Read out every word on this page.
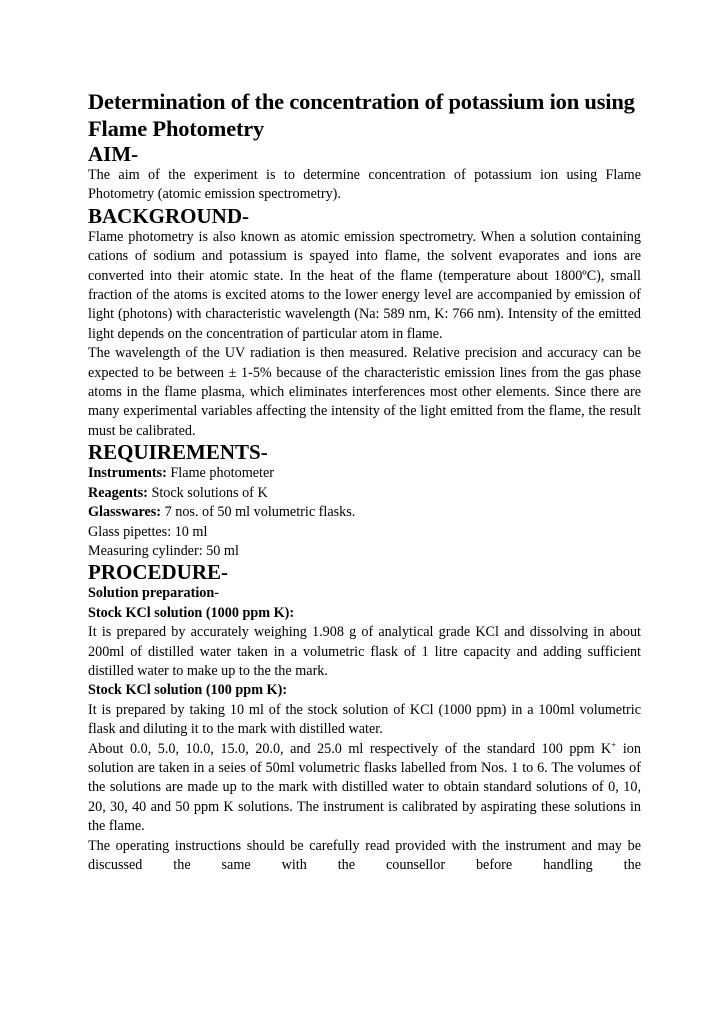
Determination of the concentration of potassium ion using Flame Photometry
AIM-

The aim of the experiment is to determine concentration of potassium ion using Flame Photometry (atomic emission spectrometry).

BACKGROUND-

Flame photometry is also known as atomic emission spectrometry. When a solution containing cations of sodium and potassium is spayed into flame, the solvent evaporates and ions are converted into their atomic state. In the heat of the flame (temperature about 1800ºC), small fraction of the atoms is excited atoms to the lower energy level are accompanied by emission of light (photons) with characteristic wavelength (Na: 589 nm, K: 766 nm). Intensity of the emitted light depends on the concentration of particular atom in flame.

The wavelength of the UV radiation is then measured. Relative precision and accuracy can be expected to be between ± 1-5% because of the characteristic emission lines from the gas phase atoms in the flame plasma, which eliminates interferences most other elements. Since there are many experimental variables affecting the intensity of the light emitted from the flame, the result must be calibrated.

REQUIREMENTS-
Instruments: Flame photometer
Reagents: Stock solutions of K
Glasswares: 7 nos. of 50 ml volumetric flasks.
Glass pipettes: 10 ml
Measuring cylinder: 50 ml
PROCEDURE-
Solution preparation-
Stock KCl solution (1000 ppm K):

It is prepared by accurately weighing 1.908 g of analytical grade KCl and dissolving in about 200ml of distilled water taken in a volumetric flask of 1 litre capacity and adding sufficient distilled water to make up to the the mark.

Stock KCl solution (100 ppm K):

It is prepared by taking 10 ml of the stock solution of KCl (1000 ppm) in a 100ml volumetric flask and diluting it to the mark with distilled water.

About 0.0, 5.0, 10.0, 15.0, 20.0, and 25.0 ml respectively of the standard 100 ppm K+ ion solution are taken in a seies of 50ml volumetric flasks labelled from Nos. 1 to 6. The volumes of the solutions are made up to the mark with distilled water to obtain standard solutions of 0, 10, 20, 30, 40 and 50 ppm K solutions. The instrument is calibrated by aspirating these solutions in the flame.

The operating instructions should be carefully read provided with the instrument and may be discussed the same with the counsellor before handling the
